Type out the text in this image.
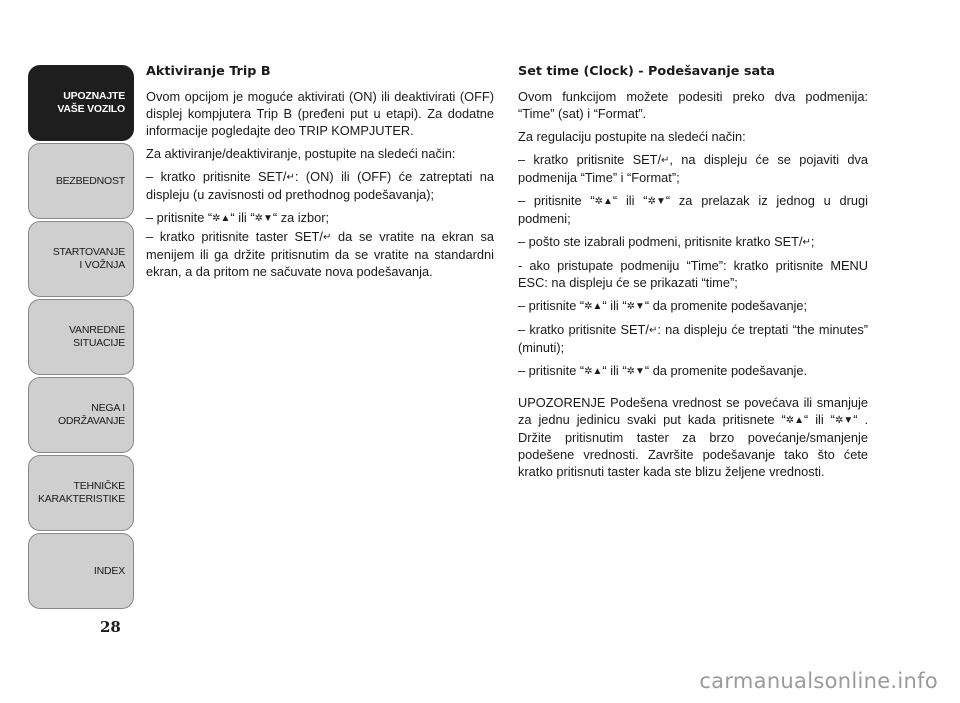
UPOZNAJTE
VAŠE VOZILO
BEZBEDNOST
STARTOVANJE
I VOŽNJA
VANREDNE
SITUACIJE
NEGA I
ODRŽAVANJE
TEHNIČKE
KARAKTERISTIKE
INDEX
28
Aktiviranje Trip B

Ovom opcijom je moguće aktivirati (ON) ili deaktivirati (OFF) displej kompjutera Trip B (pređeni put u etapi). Za dodatne informacije pogledajte deo TRIP KOMPJUTER.

Za aktiviranje/deaktiviranje, postupite na sledeći način:

– kratko pritisnite SET/↵: (ON) ili (OFF) će zatreptati na displeju (u zavisnosti od prethodnog podešavanja);

– pritisnite “✲▲“ ili “✲▼“ za izbor;

– kratko pritisnite taster SET/↵ da se vratite na ekran sa menijem ili ga držite pritisnutim da se vratite na standardni ekran, a da pritom ne sačuvate nova podešavanja.

Set time (Clock) - Podešavanje sata

Ovom funkcijom možete podesiti preko dva podmenija: “Time” (sat) i “Format”.

Za regulaciju postupite na sledeći način:

– kratko pritisnite SET/↵, na displeju će se pojaviti dva podmenija “Time” i “Format”;

– pritisnite “✲▲“ ili “✲▼“ za prelazak iz jednog u drugi podmeni;

– pošto ste izabrali podmeni, pritisnite kratko SET/↵;

- ako pristupate podmeniju “Time”: kratko pritisnite MENU ESC: na displeju će se prikazati “time”;

– pritisnite “✲▲“ ili “✲▼“ da promenite podešavanje;

– kratko pritisnite SET/↵: na displeju će treptati “the minutes” (minuti);

– pritisnite “✲▲“ ili “✲▼“ da promenite podešavanje.

UPOZORENJE Podešena vrednost se povećava ili smanjuje za jednu jedinicu svaki put kada pritisnete “✲▲“ ili “✲▼“ . Držite pritisnutim taster za brzo povećanje/smanjenje podešene vrednosti. Završite podešavanje tako što ćete kratko pritisnuti taster kada ste blizu željene vrednosti.

carmanualsonline.info
